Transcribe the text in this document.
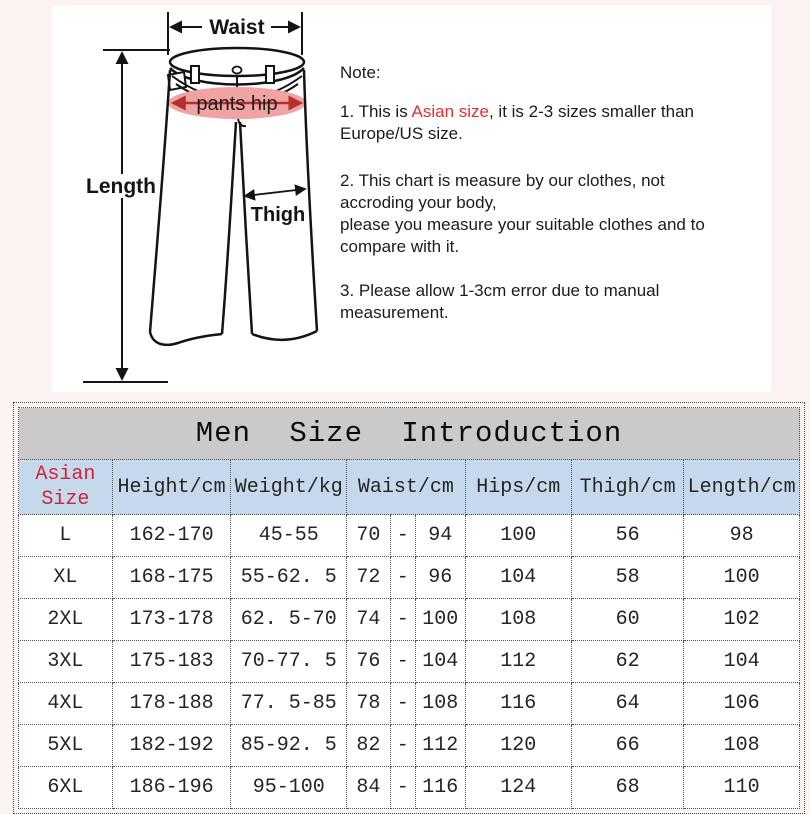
Waist
pants hip
Thigh
Length
Note:
1. This is Asian size, it is 2-3 sizes smaller than
Europe/US size.
2. This chart is measure by our clothes, not
accroding your body,
please you measure your suitable clothes and to
compare with it.
3. Please allow 1-3cm error due to manual
measurement.
Men Size Introduction								
Asian Size	Height/cm	Weight/kg	Waist/cm			Hips/cm	Thigh/cm	Length/cm
L	162-170	45-55	70	-	94	100	56	98
XL	168-175	55-62. 5	72	-	96	104	58	100
2XL	173-178	62. 5-70	74	-	100	108	60	102
3XL	175-183	70-77. 5	76	-	104	112	62	104
4XL	178-188	77. 5-85	78	-	108	116	64	106
5XL	182-192	85-92. 5	82	-	112	120	66	108
6XL	186-196	95-100	84	-	116	124	68	110
